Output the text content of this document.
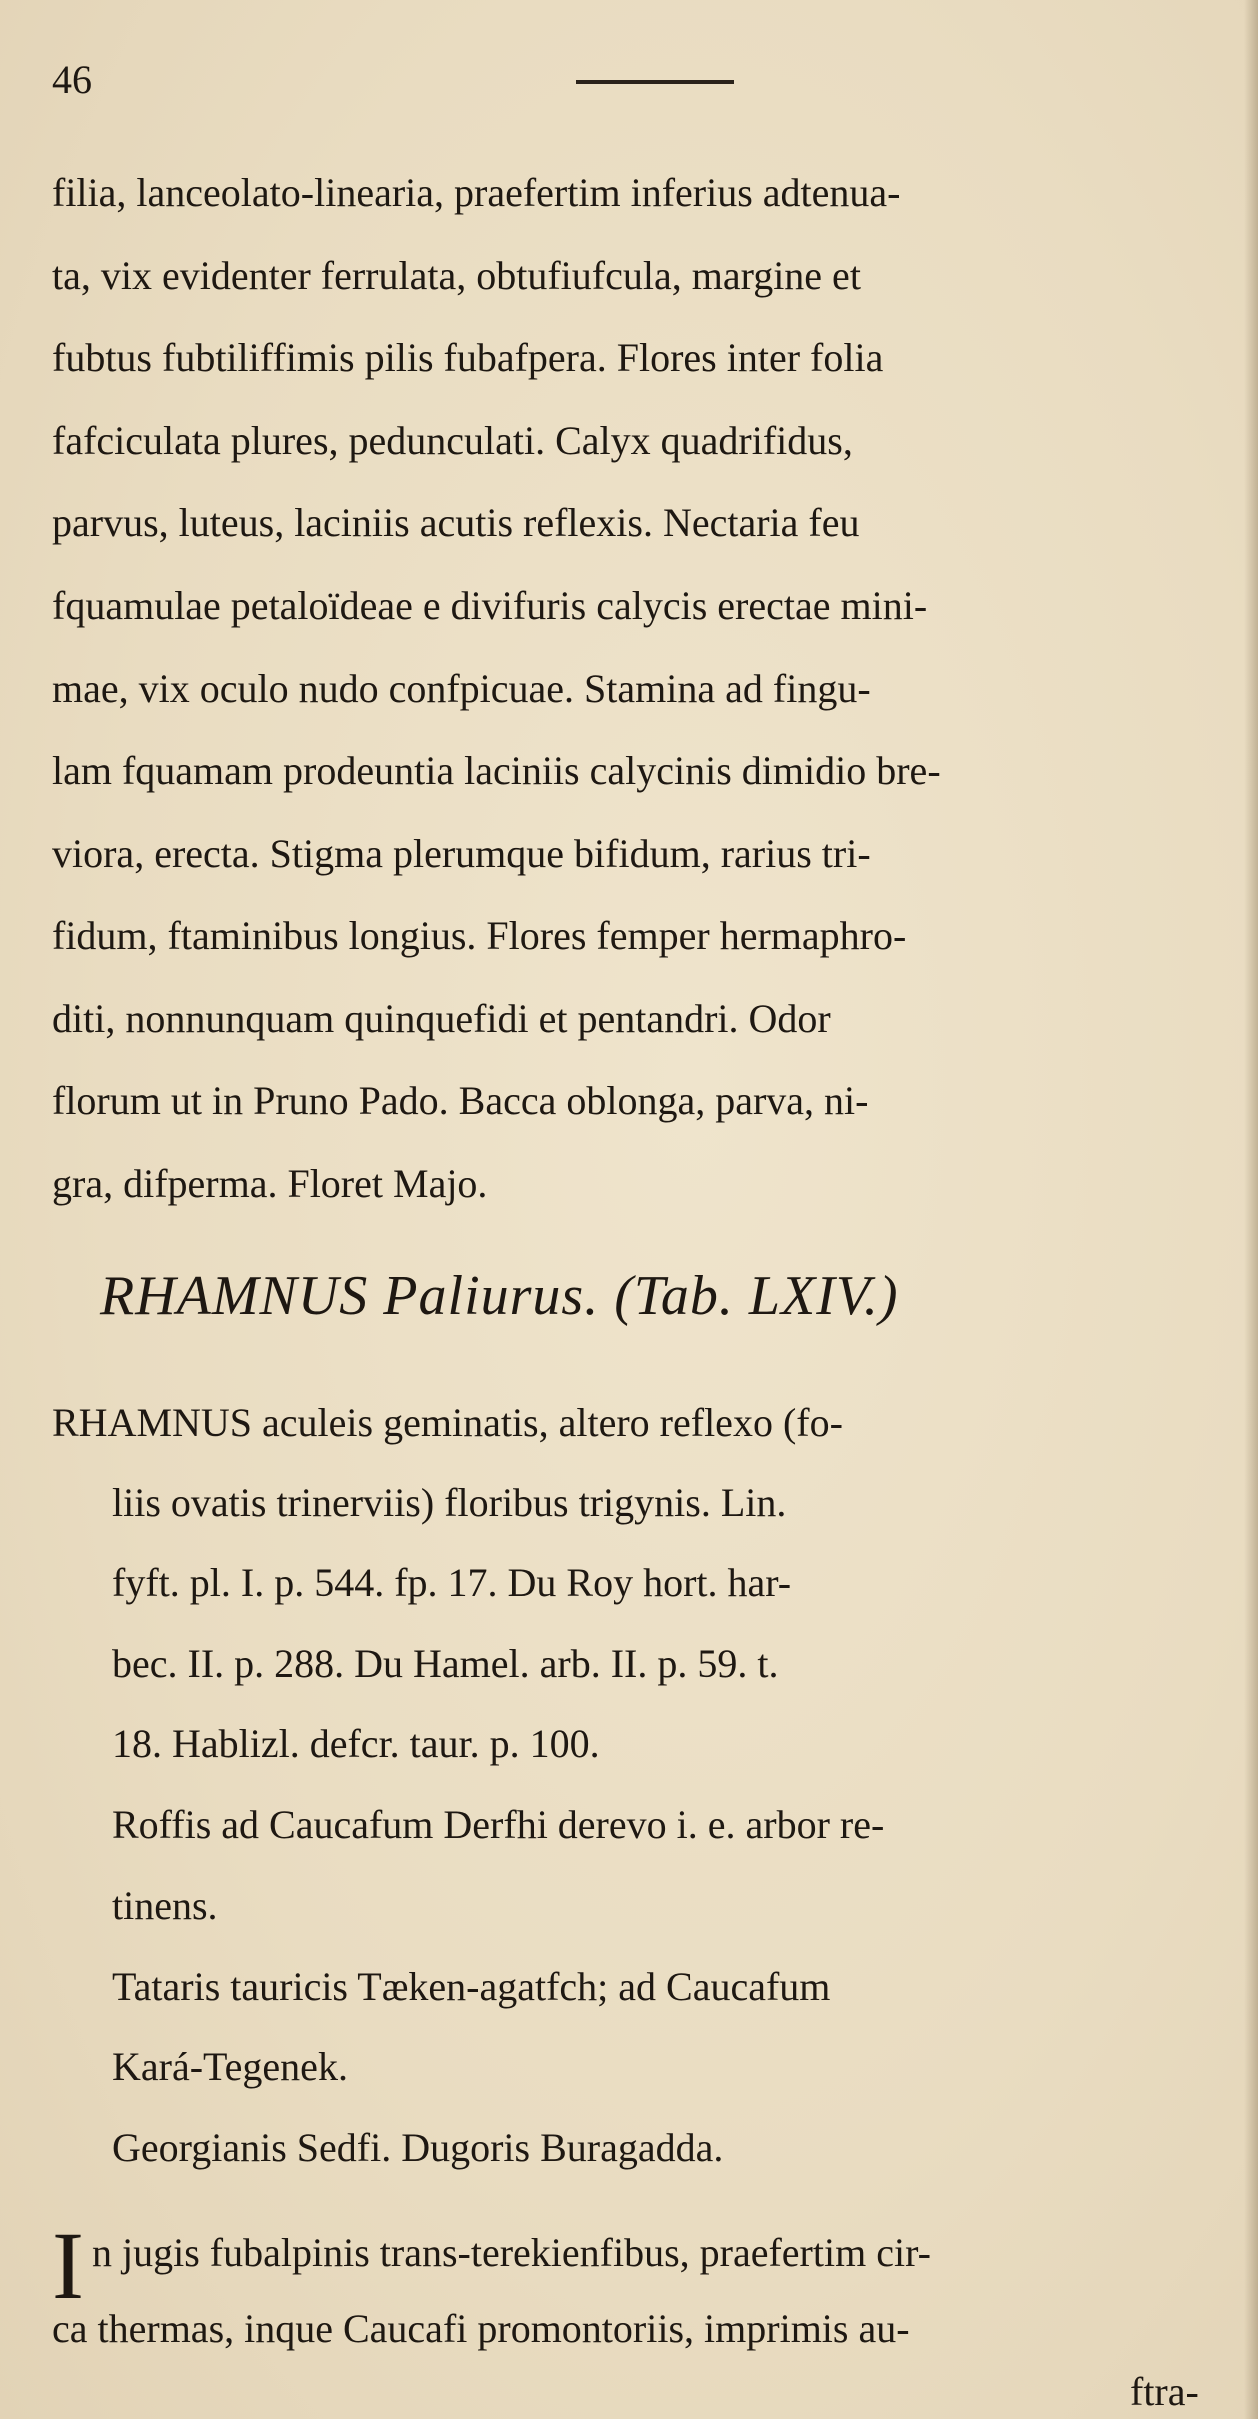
46
filia, lanceolato-linearia, praefertim inferius adtenua-
ta, vix evidenter ferrulata, obtufiufcula, margine et
fubtus fubtiliffimis pilis fubafpera. Flores inter folia
fafciculata plures, pedunculati. Calyx quadrifidus,
parvus, luteus, laciniis acutis reflexis. Nectaria feu
fquamulae petaloïdeae e divifuris calycis erectae mini-
mae, vix oculo nudo confpicuae. Stamina ad fingu-
lam fquamam prodeuntia laciniis calycinis dimidio bre-
viora, erecta. Stigma plerumque bifidum, rarius tri-
fidum, ftaminibus longius. Flores femper hermaphro-
diti, nonnunquam quinquefidi et pentandri. Odor
florum ut in Pruno Pado. Bacca oblonga, parva, ni-
gra, difperma. Floret Majo.
RHAMNUS Paliurus. (Tab. LXIV.)
RHAMNUS aculeis geminatis, altero reflexo (fo-
liis ovatis trinerviis) floribus trigynis. Lin.
fyft. pl. I. p. 544. fp. 17. Du Roy hort. har-
bec. II. p. 288. Du Hamel. arb. II. p. 59. t.
18. Hablizl. defcr. taur. p. 100.
Roffis ad Caucafum Derfhi derevo i. e. arbor re-
tinens.
Tataris tauricis Tæken-agatfch; ad Caucafum
Kará-Tegenek.
Georgianis Sedfi. Dugoris Buragadda.
I n jugis fubalpinis trans-terekienfibus, praefertim cir-
ca thermas, inque Caucafi promontoriis, imprimis au-
ftra-
